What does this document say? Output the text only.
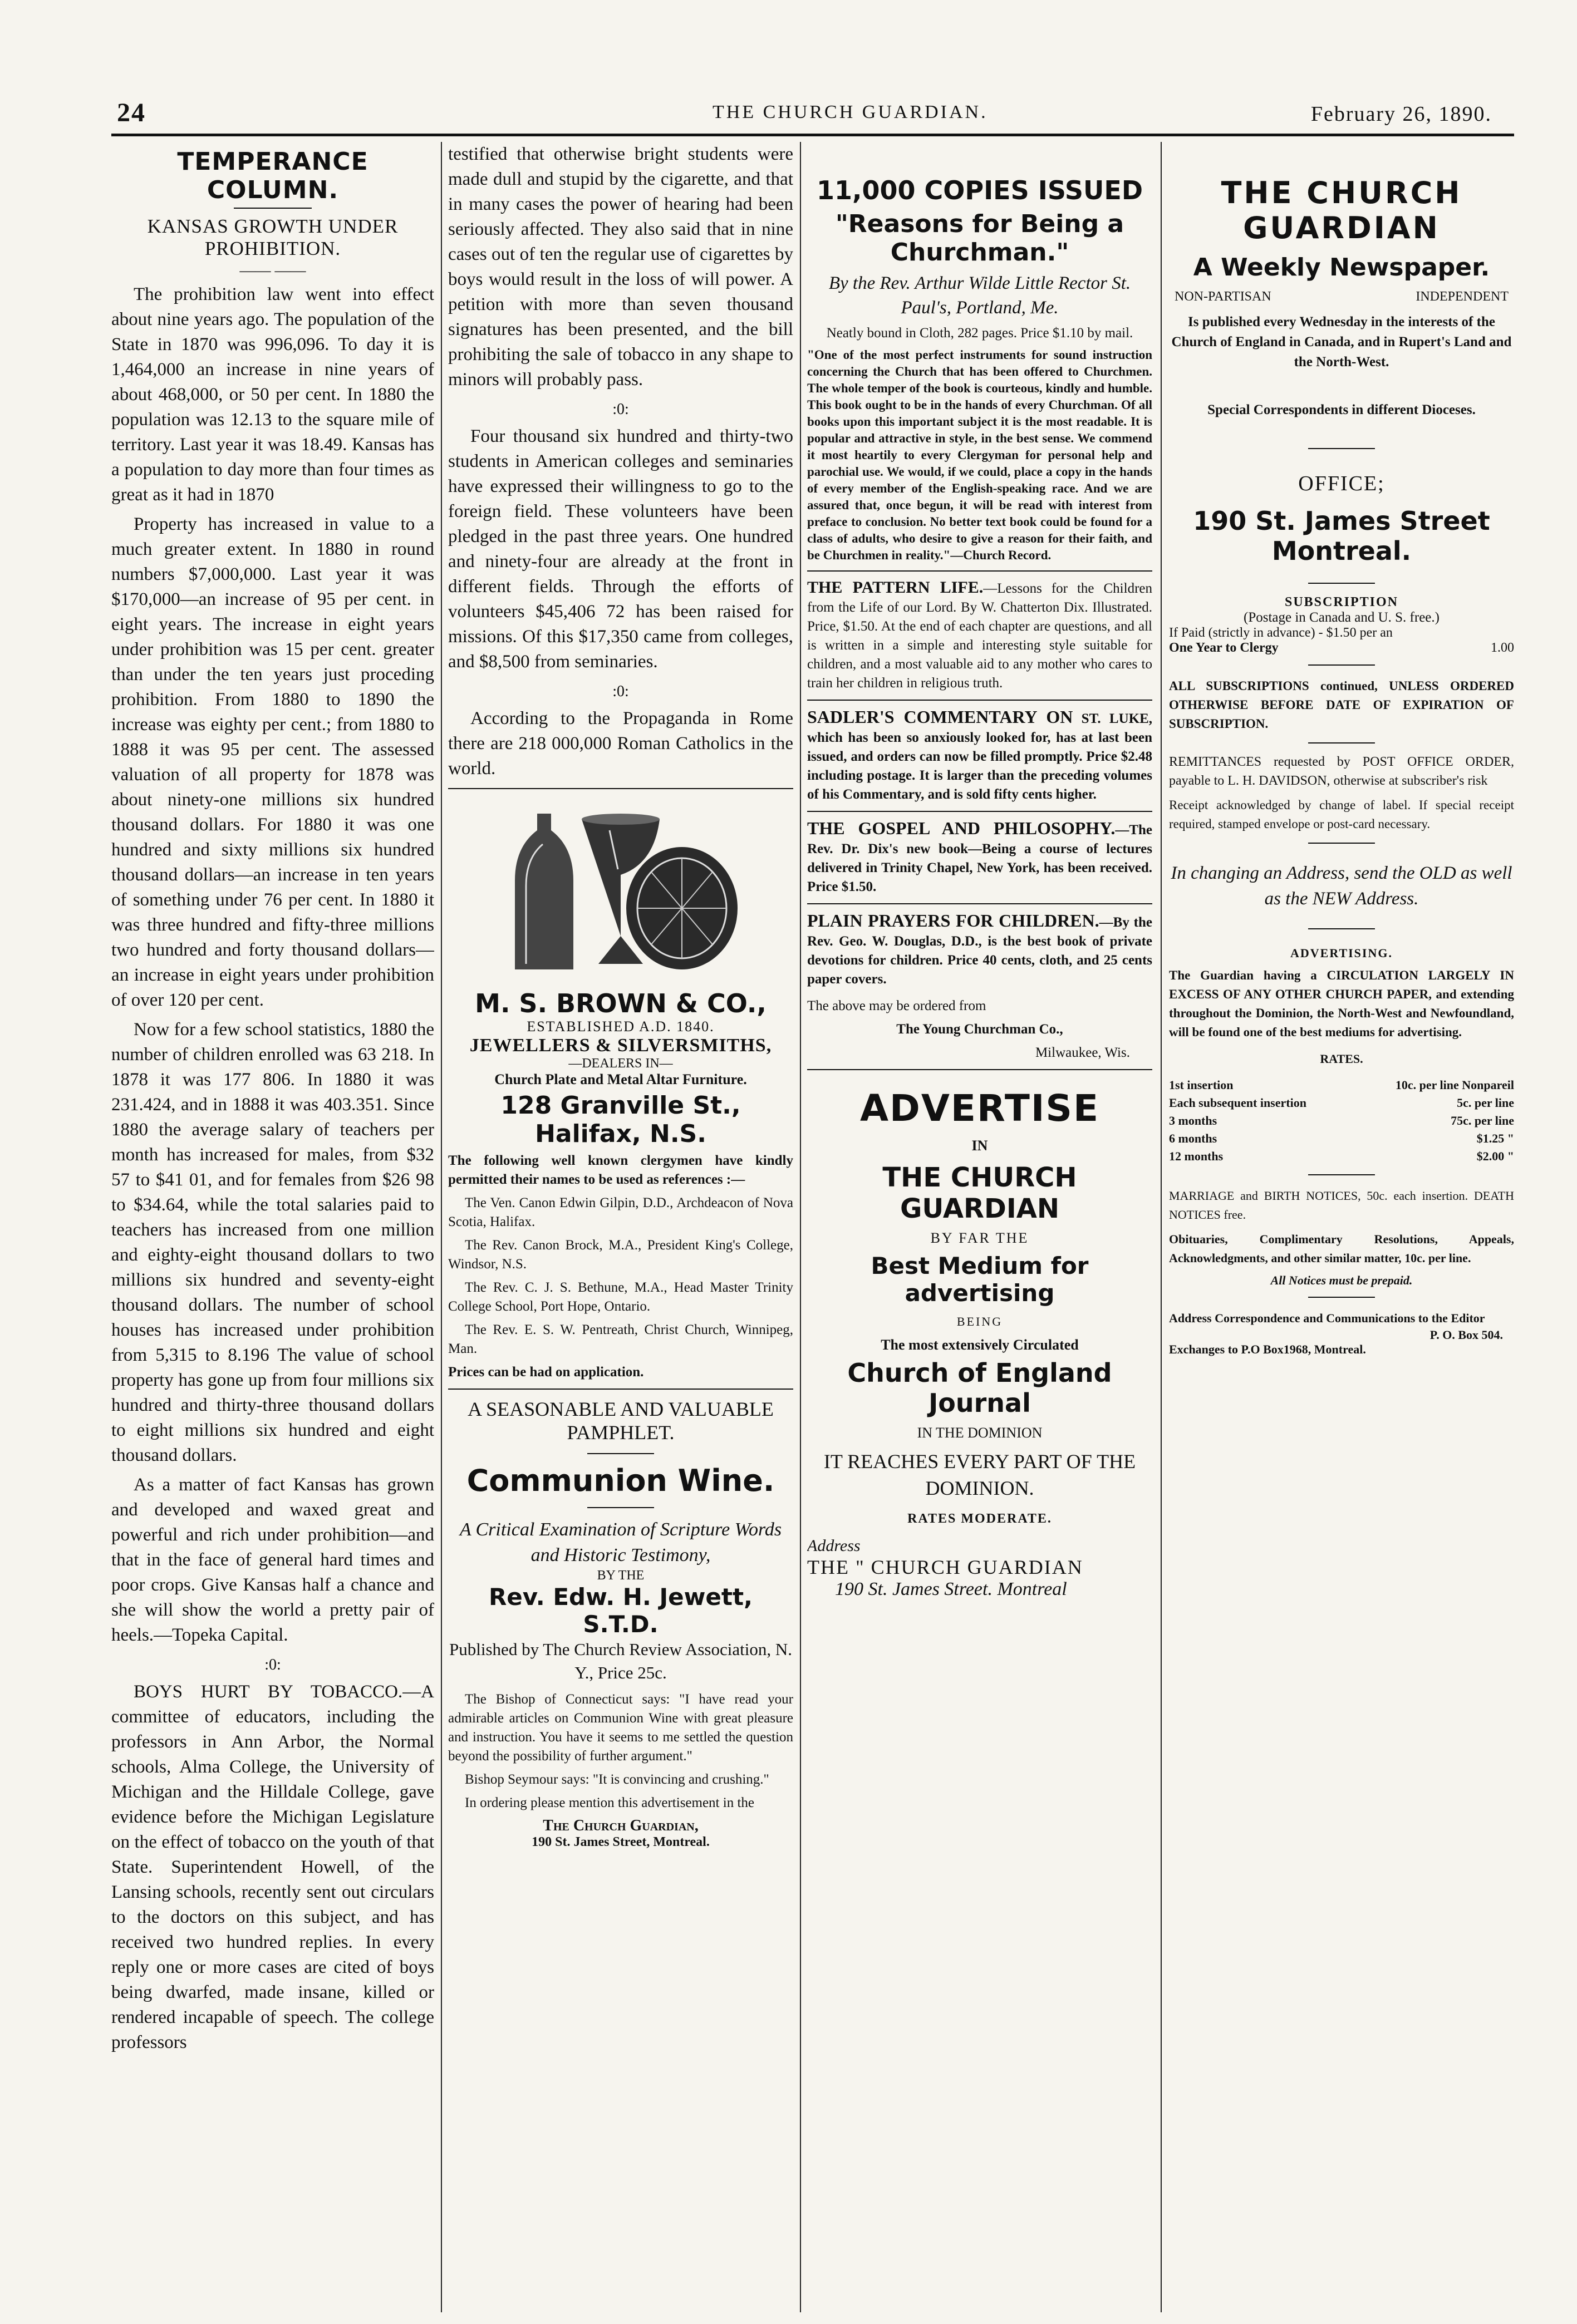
24	THE CHURCH GUARDIAN.	February 26, 1890.
TEMPERANCE COLUMN.
KANSAS GROWTH UNDER PROHIBITION.
—— ——

The prohibition law went into effect about nine years ago. The population of the State in 1870 was 996,096. To day it is 1,464,000 an increase in nine years of about 468,000, or 50 per cent. In 1880 the population was 12.13 to the square mile of territory. Last year it was 18.49. Kansas has a population to day more than four times as great as it had in 1870

Property has increased in value to a much greater extent. In 1880 in round numbers $7,000,000. Last year it was $170,000—an increase of 95 per cent. in eight years. The increase in eight years under prohibition was 15 per cent. greater than under the ten years just proceding prohibition. From 1880 to 1890 the increase was eighty per cent.; from 1880 to 1888 it was 95 per cent. The assessed valuation of all property for 1878 was about ninety-one millions six hundred thousand dollars. For 1880 it was one hundred and sixty millions six hundred thousand dollars—an increase in ten years of something under 76 per cent. In 1880 it was three hundred and fifty-three millions two hundred and forty thousand dollars—an increase in eight years under prohibition of over 120 per cent.

Now for a few school statistics, 1880 the number of children enrolled was 63 218. In 1878 it was 177 806. In 1880 it was 231.424, and in 1888 it was 403.351. Since 1880 the average salary of teachers per month has increased for males, from $32 57 to $41 01, and for females from $26 98 to $34.64, while the total salaries paid to teachers has increased from one million and eighty-eight thousand dollars to two millions six hundred and seventy-eight thousand dollars. The number of school houses has increased under prohibition from 5,315 to 8.196 The value of school property has gone up from four millions six hundred and thirty-three thousand dollars to eight millions six hundred and eight thousand dollars.

As a matter of fact Kansas has grown and developed and waxed great and powerful and rich under prohibition—and that in the face of general hard times and poor crops. Give Kansas half a chance and she will show the world a pretty pair of heels.—Topeka Capital.

:0:

BOYS HURT BY TOBACCO.—A committee of educators, including the professors in Ann Arbor, the Normal schools, Alma College, the University of Michigan and the Hilldale College, gave evidence before the Michigan Legislature on the effect of tobacco on the youth of that State. Superintendent Howell, of the Lansing schools, recently sent out circulars to the doctors on this subject, and has received two hundred replies. In every reply one or more cases are cited of boys being dwarfed, made insane, killed or rendered incapable of speech. The college professors

testified that otherwise bright students were made dull and stupid by the cigarette, and that in many cases the power of hearing had been seriously affected. They also said that in nine cases out of ten the regular use of cigarettes by boys would result in the loss of will power. A petition with more than seven thousand signatures has been presented, and the bill prohibiting the sale of tobacco in any shape to minors will probably pass.

:0:

Four thousand six hundred and thirty-two students in American colleges and seminaries have expressed their willingness to go to the foreign field. These volunteers have been pledged in the past three years. One hundred and ninety-four are already at the front in different fields. Through the efforts of volunteers $45,406 72 has been raised for missions. Of this $17,350 came from colleges, and $8,500 from seminaries.

:0:

According to the Propaganda in Rome there are 218 000,000 Roman Catholics in the world.

M. S. BROWN & CO.,
ESTABLISHED A.D. 1840.
JEWELLERS & SILVERSMITHS,
—DEALERS IN—
Church Plate and Metal Altar Furniture.
128 Granville St., Halifax, N.S.

The following well known clergymen have kindly permitted their names to be used as references :—

The Ven. Canon Edwin Gilpin, D.D., Archdeacon of Nova Scotia, Halifax.

The Rev. Canon Brock, M.A., President King's College, Windsor, N.S.

The Rev. C. J. S. Bethune, M.A., Head Master Trinity College School, Port Hope, Ontario.

The Rev. E. S. W. Pentreath, Christ Church, Winnipeg, Man.

Prices can be had on application.

A SEASONABLE AND VALUABLE PAMPHLET.
Communion Wine.
A Critical Examination of Scripture Words and Historic Testimony,
BY THE
Rev. Edw. H. Jewett, S.T.D.
Published by The Church Review Association, N. Y., Price 25c.

The Bishop of Connecticut says: "I have read your admirable articles on Communion Wine with great pleasure and instruction. You have it seems to me settled the question beyond the possibility of further argument."

Bishop Seymour says: "It is convincing and crushing."

In ordering please mention this advertisement in the

The Church Guardian,
190 St. James Street, Montreal.
11,000 COPIES ISSUED
"Reasons for Being a Churchman."
By the Rev. Arthur Wilde Little Rector St. Paul's, Portland, Me.
Neatly bound in Cloth, 282 pages. Price $1.10 by mail.
"One of the most perfect instruments for sound instruction concerning the Church that has been offered to Churchmen. The whole temper of the book is courteous, kindly and humble. This book ought to be in the hands of every Churchman. Of all books upon this important subject it is the most readable. It is popular and attractive in style, in the best sense. We commend it most heartily to every Clergyman for personal help and parochial use. We would, if we could, place a copy in the hands of every member of the English-speaking race. And we are assured that, once begun, it will be read with interest from preface to conclusion. No better text book could be found for a class of adults, who desire to give a reason for their faith, and be Churchmen in reality."—Church Record.

THE PATTERN LIFE.—Lessons for the Children from the Life of our Lord. By W. Chatterton Dix. Illustrated. Price, $1.50. At the end of each chapter are questions, and all is written in a simple and interesting style suitable for children, and a most valuable aid to any mother who cares to train her children in religious truth.

SADLER'S COMMENTARY ON ST. LUKE, which has been so anxiously looked for, has at last been issued, and orders can now be filled promptly. Price $2.48 including postage. It is larger than the preceding volumes of his Commentary, and is sold fifty cents higher.

THE GOSPEL AND PHILOSOPHY.—The Rev. Dr. Dix's new book—Being a course of lectures delivered in Trinity Chapel, New York, has been received. Price $1.50.

PLAIN PRAYERS FOR CHILDREN.—By the Rev. Geo. W. Douglas, D.D., is the best book of private devotions for children. Price 40 cents, cloth, and 25 cents paper covers.

The above may be ordered from

The Young Churchman Co.,

Milwaukee, Wis.

ADVERTISE
IN
THE CHURCH GUARDIAN
BY FAR THE
Best Medium for advertising
BEING
The most extensively Circulated
Church of England Journal
IN THE DOMINION
IT REACHES EVERY PART OF THE DOMINION.
RATES MODERATE.
Address
THE " CHURCH GUARDIAN
190 St. James Street. Montreal
THE CHURCH GUARDIAN
A Weekly Newspaper.
NON-PARTISAN	INDEPENDENT
Is published every Wednesday in the interests of the Church of England in Canada, and in Rupert's Land and the North-West.
Special Correspondents in different Dioceses.
OFFICE;
190 St. James Street Montreal.
SUBSCRIPTION
(Postage in Canada and U. S. free.)
If Paid (strictly in advance) - $1.50 per an
One Year to Clergy	1.00
ALL SUBSCRIPTIONS continued, UNLESS ORDERED OTHERWISE BEFORE DATE OF EXPIRATION OF SUBSCRIPTION.
REMITTANCES requested by POST OFFICE ORDER, payable to L. H. DAVIDSON, otherwise at subscriber's risk
Receipt acknowledged by change of label. If special receipt required, stamped envelope or post-card necessary.
In changing an Address, send the OLD as well as the NEW Address.
ADVERTISING.
The Guardian having a CIRCULATION LARGELY IN EXCESS OF ANY OTHER CHURCH PAPER, and extending throughout the Dominion, the North-West and Newfoundland, will be found one of the best mediums for advertising.
RATES.
1st insertion	10c. per line Nonpareil
Each subsequent insertion	5c. per line
3 months	75c. per line
6 months	$1.25 "
12 months	$2.00 "
MARRIAGE and BIRTH NOTICES, 50c. each insertion. DEATH NOTICES free.
Obituaries, Complimentary Resolutions, Appeals, Acknowledgments, and other similar matter, 10c. per line.
All Notices must be prepaid.
Address Correspondence and Communications to the Editor
P. O. Box 504.
Exchanges to P.O Box1968, Montreal.
